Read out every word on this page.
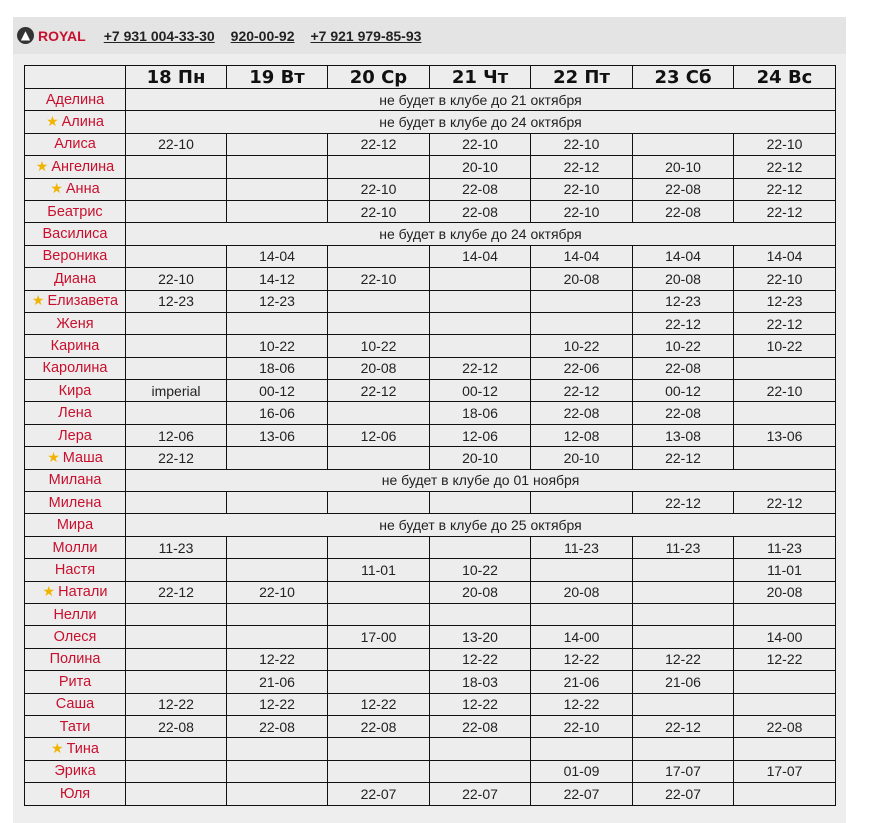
▲ ROYAL +7 931 004-33-30 920-00-92 +7 921 979-85-93
	18 Пн	19 Вт	20 Ср	21 Чт	22 Пт	23 Сб	24 Вс
Аделина	не будет в клубе до 21 октября						
★ Алина	не будет в клубе до 24 октября						
Алиса	22-10		22-12	22-10	22-10		22-10
★ Ангелина				20-10	22-12	20-10	22-12
★ Анна			22-10	22-08	22-10	22-08	22-12
Беатрис			22-10	22-08	22-10	22-08	22-12
Василиса	не будет в клубе до 24 октября						
Вероника		14-04		14-04	14-04	14-04	14-04
Диана	22-10	14-12	22-10		20-08	20-08	22-10
★ Елизавета	12-23	12-23				12-23	12-23
Женя						22-12	22-12
Карина		10-22	10-22		10-22	10-22	10-22
Каролина		18-06	20-08	22-12	22-06	22-08	
Кира	imperial	00-12	22-12	00-12	22-12	00-12	22-10
Лена		16-06		18-06	22-08	22-08	
Лера	12-06	13-06	12-06	12-06	12-08	13-08	13-06
★ Маша	22-12			20-10	20-10	22-12	
Милана	не будет в клубе до 01 ноября						
Милена						22-12	22-12
Мира	не будет в клубе до 25 октября						
Молли	11-23				11-23	11-23	11-23
Настя			11-01	10-22			11-01
★ Натали	22-12	22-10		20-08	20-08		20-08
Нелли							
Олеся			17-00	13-20	14-00		14-00
Полина		12-22		12-22	12-22	12-22	12-22
Рита		21-06		18-03	21-06	21-06	
Саша	12-22	12-22	12-22	12-22	12-22		
Тати	22-08	22-08	22-08	22-08	22-10	22-12	22-08
★ Тина							
Эрика					01-09	17-07	17-07
Юля			22-07	22-07	22-07	22-07	
